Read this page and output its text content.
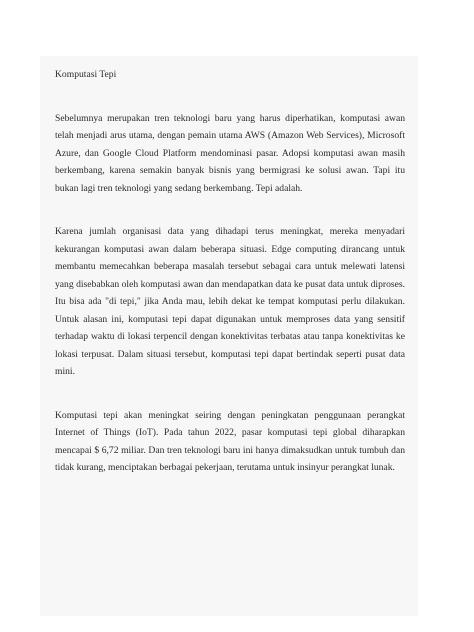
Komputasi Tepi

Sebelumnya merupakan tren teknologi baru yang harus diperhatikan, komputasi awan telah menjadi arus utama, dengan pemain utama AWS (Amazon Web Services), Microsoft Azure, dan Google Cloud Platform mendominasi pasar. Adopsi komputasi awan masih berkembang, karena semakin banyak bisnis yang bermigrasi ke solusi awan. Tapi itu bukan lagi tren teknologi yang sedang berkembang. Tepi adalah.

Karena jumlah organisasi data yang dihadapi terus meningkat, mereka menyadari kekurangan komputasi awan dalam beberapa situasi. Edge computing dirancang untuk membantu memecahkan beberapa masalah tersebut sebagai cara untuk melewati latensi yang disebabkan oleh komputasi awan dan mendapatkan data ke pusat data untuk diproses. Itu bisa ada "di tepi," jika Anda mau, lebih dekat ke tempat komputasi perlu dilakukan. Untuk alasan ini, komputasi tepi dapat digunakan untuk memproses data yang sensitif terhadap waktu di lokasi terpencil dengan konektivitas terbatas atau tanpa konektivitas ke lokasi terpusat. Dalam situasi tersebut, komputasi tepi dapat bertindak seperti pusat data mini.

Komputasi tepi akan meningkat seiring dengan peningkatan penggunaan perangkat Internet of Things (IoT). Pada tahun 2022, pasar komputasi tepi global diharapkan mencapai $ 6,72 miliar. Dan tren teknologi baru ini hanya dimaksudkan untuk tumbuh dan tidak kurang, menciptakan berbagai pekerjaan, terutama untuk insinyur perangkat lunak.
